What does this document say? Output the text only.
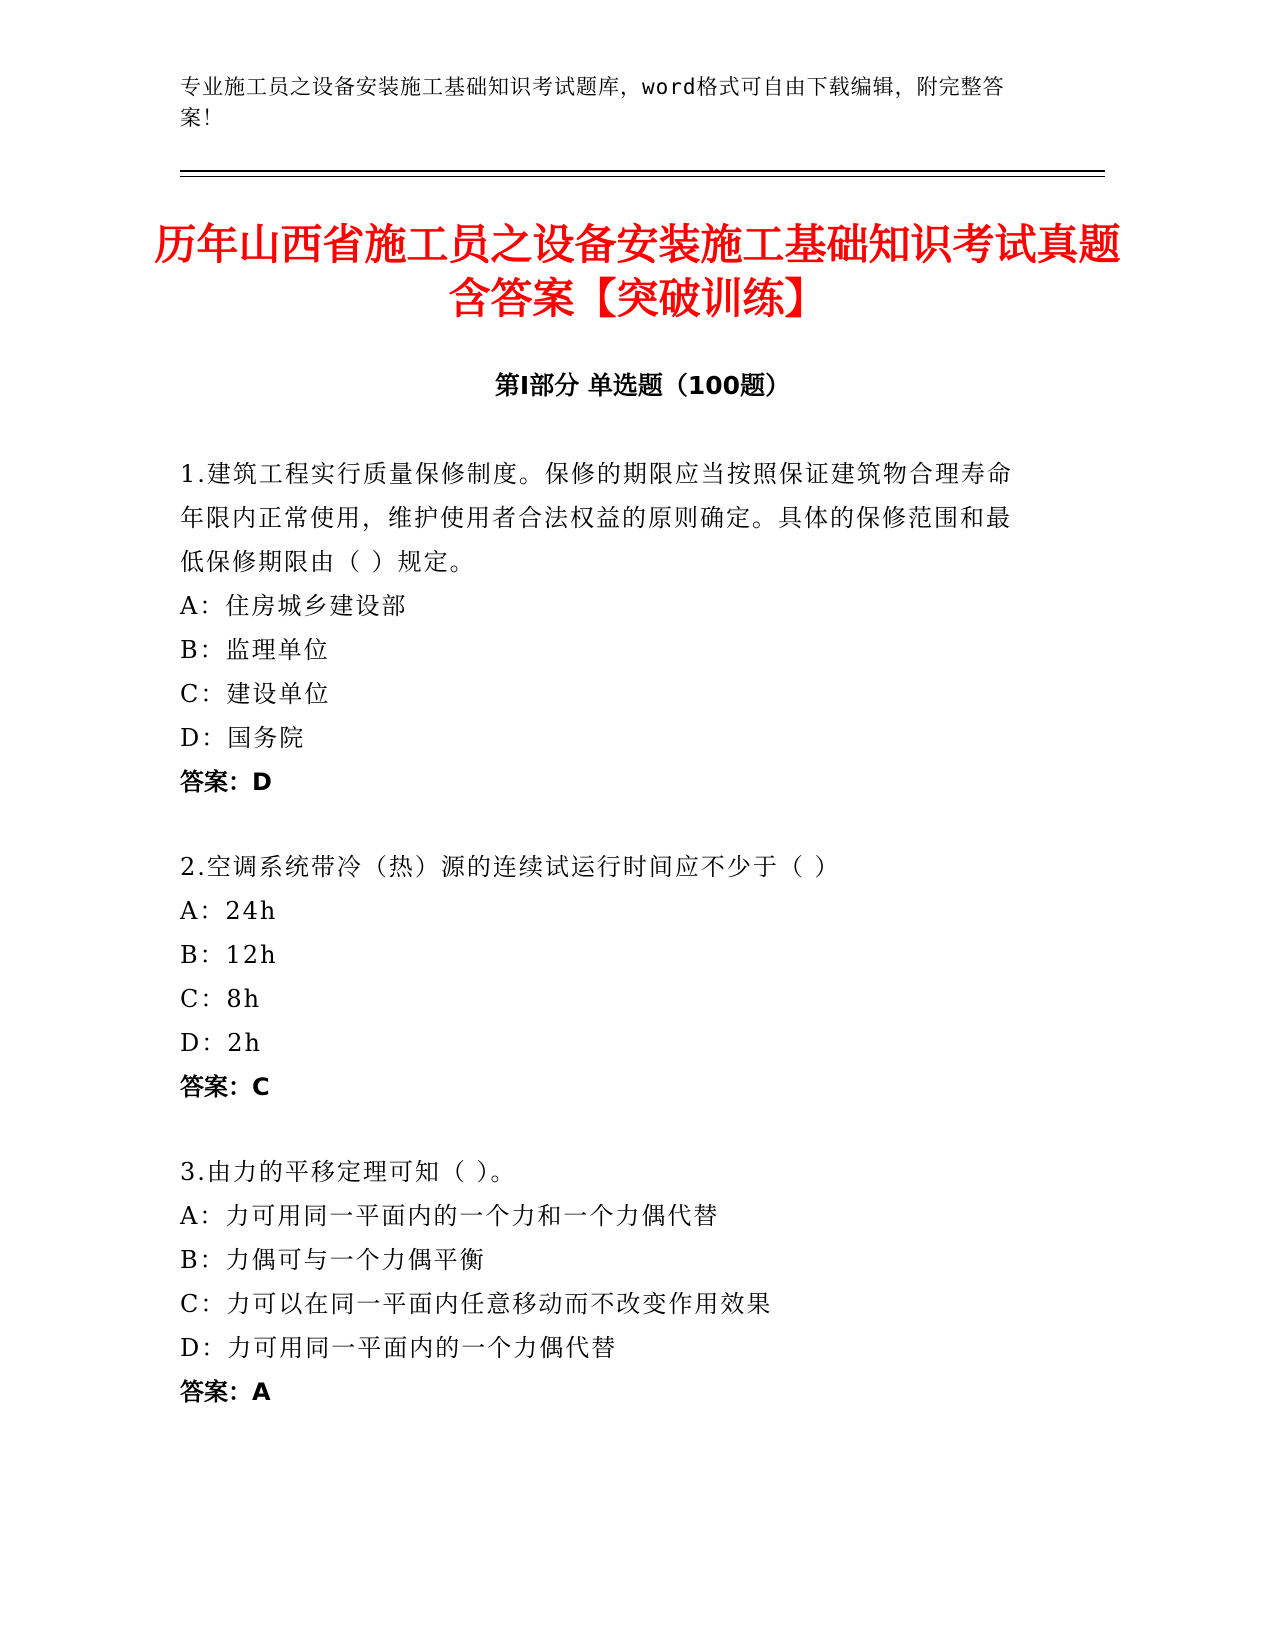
专业施工员之设备安装施工基础知识考试题库，word格式可自由下载编辑，附完整答案！
历年山西省施工员之设备安装施工基础知识考试真题含答案【突破训练】
第I部分 单选题（100题）
1.建筑工程实行质量保修制度。保修的期限应当按照保证建筑物合理寿命年限内正常使用，维护使用者合法权益的原则确定。具体的保修范围和最低保修期限由（ ）规定。
A：住房城乡建设部
B：监理单位
C：建设单位
D：国务院
答案：D
2.空调系统带冷（热）源的连续试运行时间应不少于（ ）
A：24h
B：12h
C：8h
D：2h
答案：C
3.由力的平移定理可知（ ）。
A：力可用同一平面内的一个力和一个力偶代替
B：力偶可与一个力偶平衡
C：力可以在同一平面内任意移动而不改变作用效果
D：力可用同一平面内的一个力偶代替
答案：A
